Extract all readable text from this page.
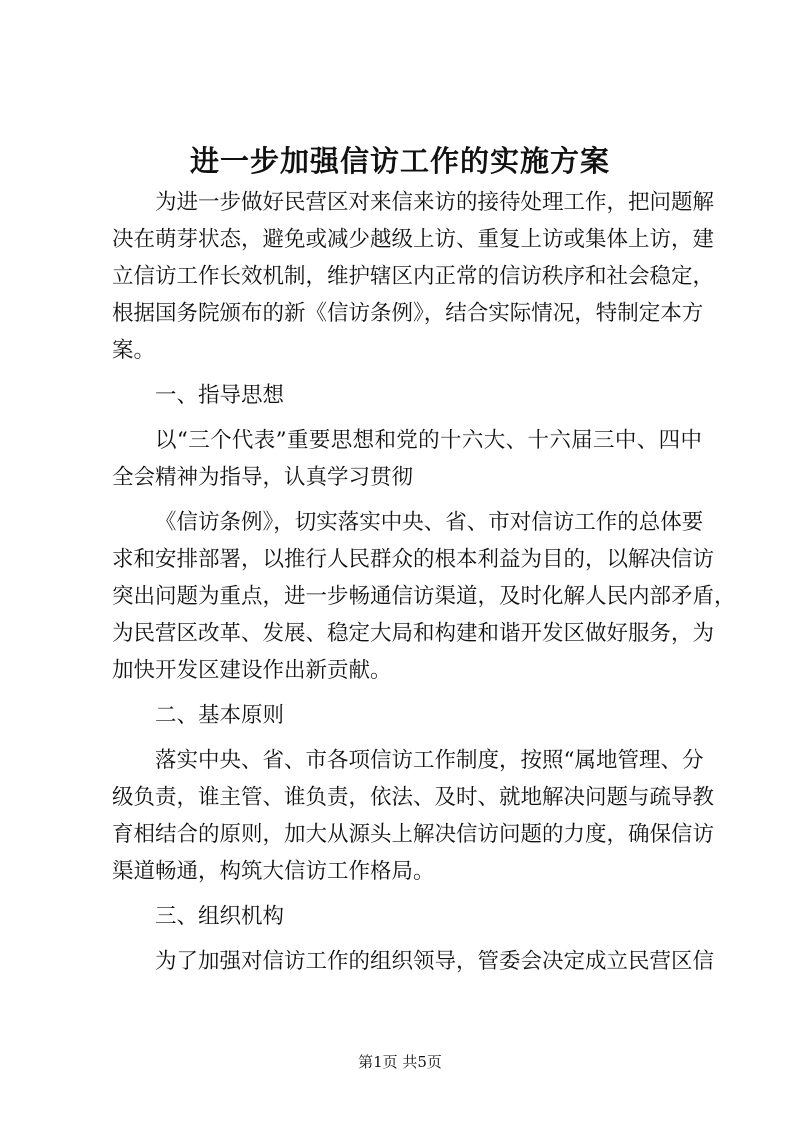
进一步加强信访工作的实施方案
为进一步做好民营区对来信来访的接待处理工作，把问题解
决在萌芽状态，避免或减少越级上访、重复上访或集体上访，建
立信访工作长效机制，维护辖区内正常的信访秩序和社会稳定，
根据国务院颁布的新《信访条例》，结合实际情况，特制定本方
案。
一、指导思想
以“三个代表”重要思想和党的十六大、十六届三中、四中
全会精神为指导，认真学习贯彻
《信访条例》，切实落实中央、省、市对信访工作的总体要
求和安排部署，以推行人民群众的根本利益为目的，以解决信访
突出问题为重点，进一步畅通信访渠道，及时化解人民内部矛盾，
为民营区改革、发展、稳定大局和构建和谐开发区做好服务，为
加快开发区建设作出新贡献。
二、基本原则
落实中央、省、市各项信访工作制度，按照“属地管理、分
级负责，谁主管、谁负责，依法、及时、就地解决问题与疏导教
育相结合的原则，加大从源头上解决信访问题的力度，确保信访
渠道畅通，构筑大信访工作格局。
三、组织机构
为了加强对信访工作的组织领导，管委会决定成立民营区信
第1页 共5页
